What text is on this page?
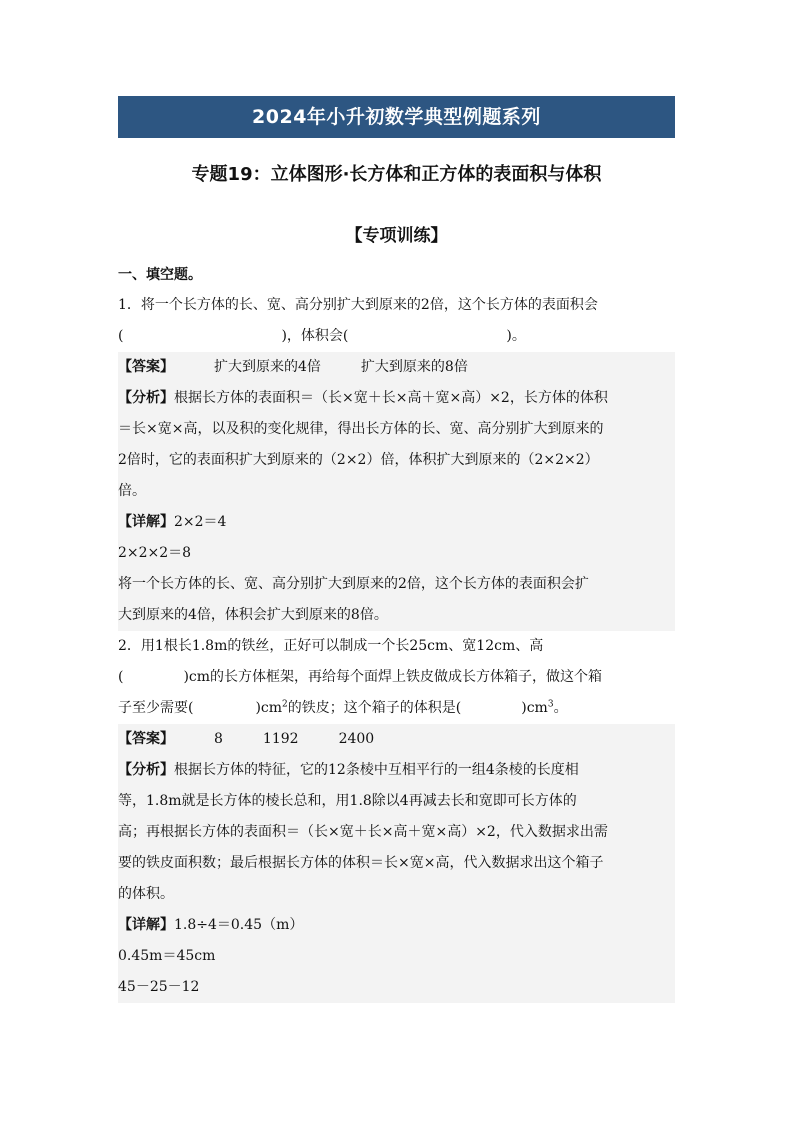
2024年小升初数学典型例题系列
专题19：立体图形·长方体和正方体的表面积与体积
【专项训练】
一、填空题。
1．将一个长方体的长、宽、高分别扩大到原来的2倍，这个长方体的表面积会
(	)，体积会(	)。
【答案】	扩大到原来的4倍	扩大到原来的8倍
【分析】根据长方体的表面积＝（长×宽＋长×高＋宽×高）×2，长方体的体积
＝长×宽×高，以及积的变化规律，得出长方体的长、宽、高分别扩大到原来的
2倍时，它的表面积扩大到原来的（2×2）倍，体积扩大到原来的（2×2×2）
倍。
【详解】2×2＝4
2×2×2＝8
将一个长方体的长、宽、高分别扩大到原来的2倍，这个长方体的表面积会扩
大到原来的4倍，体积会扩大到原来的8倍。
2．用1根长1.8m的铁丝，正好可以制成一个长25cm、宽12cm、高
(	)cm的长方体框架，再给每个面焊上铁皮做成长方体箱子，做这个箱
子至少需要(	)$cm^2$的铁皮；这个箱子的体积是(	)$cm^3$。
【答案】	8	1192	2400
【分析】根据长方体的特征，它的12条棱中互相平行的一组4条棱的长度相
等，1.8m就是长方体的棱长总和，用1.8除以4再减去长和宽即可长方体的
高；再根据长方体的表面积＝（长×宽＋长×高＋宽×高）×2，代入数据求出需
要的铁皮面积数；最后根据长方体的体积＝长×宽×高，代入数据求出这个箱子
的体积。
【详解】1.8÷4＝0.45（m）
0.45m＝45cm
45－25－12
